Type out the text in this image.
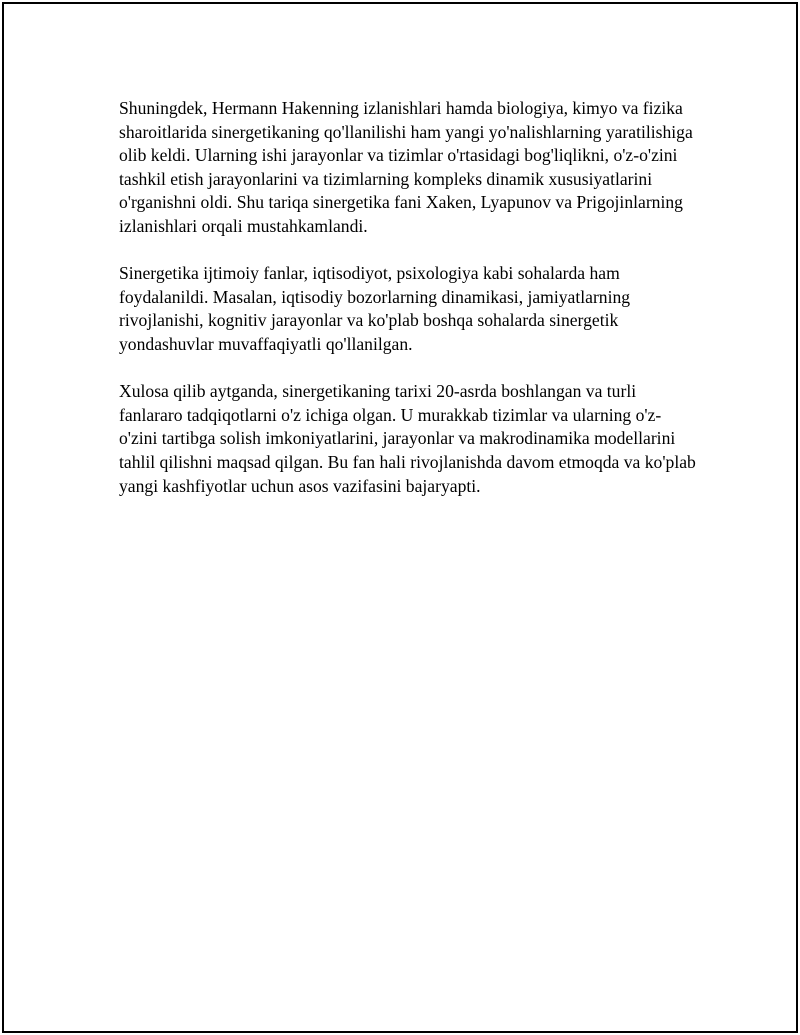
Shuningdek, Hermann Hakenning izlanishlari hamda biologiya, kimyo va fizika sharoitlarida sinergetikaning qo'llanilishi ham yangi yo'nalishlarning yaratilishiga olib keldi. Ularning ishi jarayonlar va tizimlar o'rtasidagi bog'liqlikni, o'z-o'zini tashkil etish jarayonlarini va tizimlarning kompleks dinamik xususiyatlarini o'rganishni oldi. Shu tariqa sinergetika fani Xaken, Lyapunov va Prigojinlarning izlanishlari orqali mustahkamlandi.

Sinergetika ijtimoiy fanlar, iqtisodiyot, psixologiya kabi sohalarda ham foydalanildi. Masalan, iqtisodiy bozorlarning dinamikasi, jamiyatlarning rivojlanishi, kognitiv jarayonlar va ko'plab boshqa sohalarda sinergetik yondashuvlar muvaffaqiyatli qo'llanilgan.

Xulosa qilib aytganda, sinergetikaning tarixi 20-asrda boshlangan va turli fanlararo tadqiqotlarni o'z ichiga olgan. U murakkab tizimlar va ularning o'z-o'zini tartibga solish imkoniyatlarini, jarayonlar va makrodinamika modellarini tahlil qilishni maqsad qilgan. Bu fan hali rivojlanishda davom etmoqda va ko'plab yangi kashfiyotlar uchun asos vazifasini bajaryapti.
